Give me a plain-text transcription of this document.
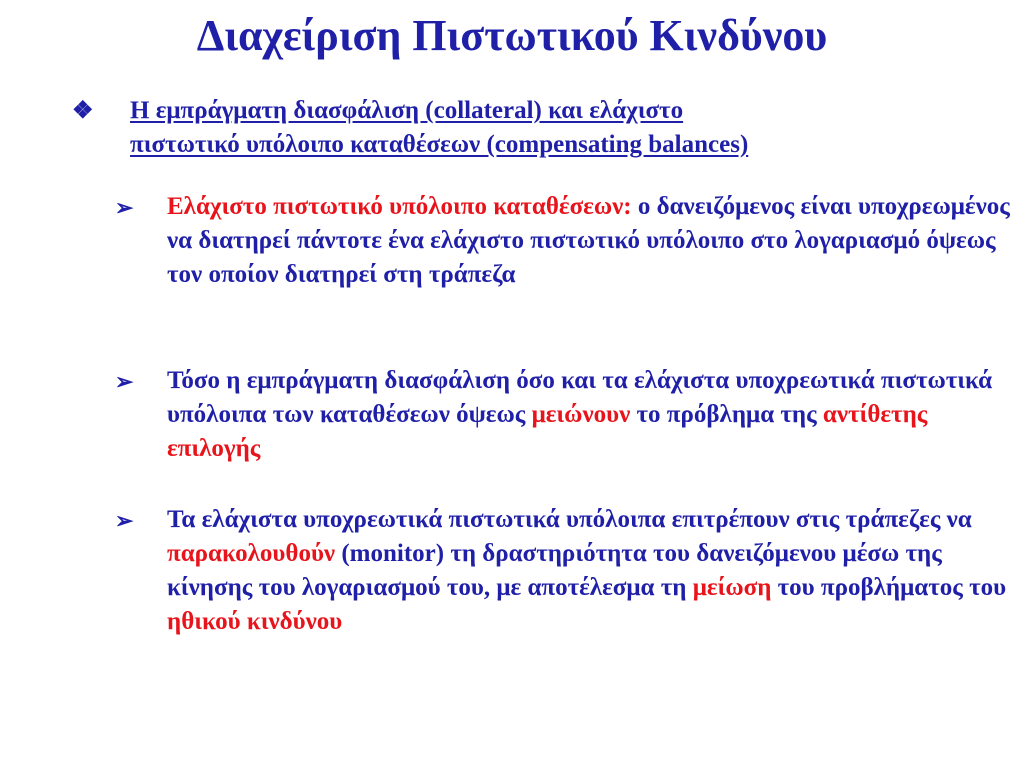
Διαχείριση Πιστωτικού Κινδύνου
❖	Η εμπράγματη διασφάλιση (collateral) και ελάχιστο
πιστωτικό υπόλοιπο καταθέσεων (compensating balances)
➢	Ελάχιστο πιστωτικό υπόλοιπο καταθέσεων: ο δανειζόμενος είναι υποχρεωμένος να διατηρεί πάντοτε ένα ελάχιστο πιστωτικό υπόλοιπο στο λογαριασμό όψεως τον οποίον διατηρεί στη τράπεζα
➢	Τόσο η εμπράγματη διασφάλιση όσο και τα ελάχιστα υποχρεωτικά πιστωτικά υπόλοιπα των καταθέσεων όψεως μειώνουν το πρόβλημα της αντίθετης επιλογής
➢	Τα ελάχιστα υποχρεωτικά πιστωτικά υπόλοιπα επιτρέπουν στις τράπεζες να παρακολουθούν (monitor) τη δραστηριότητα του δανειζόμενου μέσω της κίνησης του λογαριασμού του, με αποτέλεσμα τη μείωση του προβλήματος του ηθικού κινδύνου
